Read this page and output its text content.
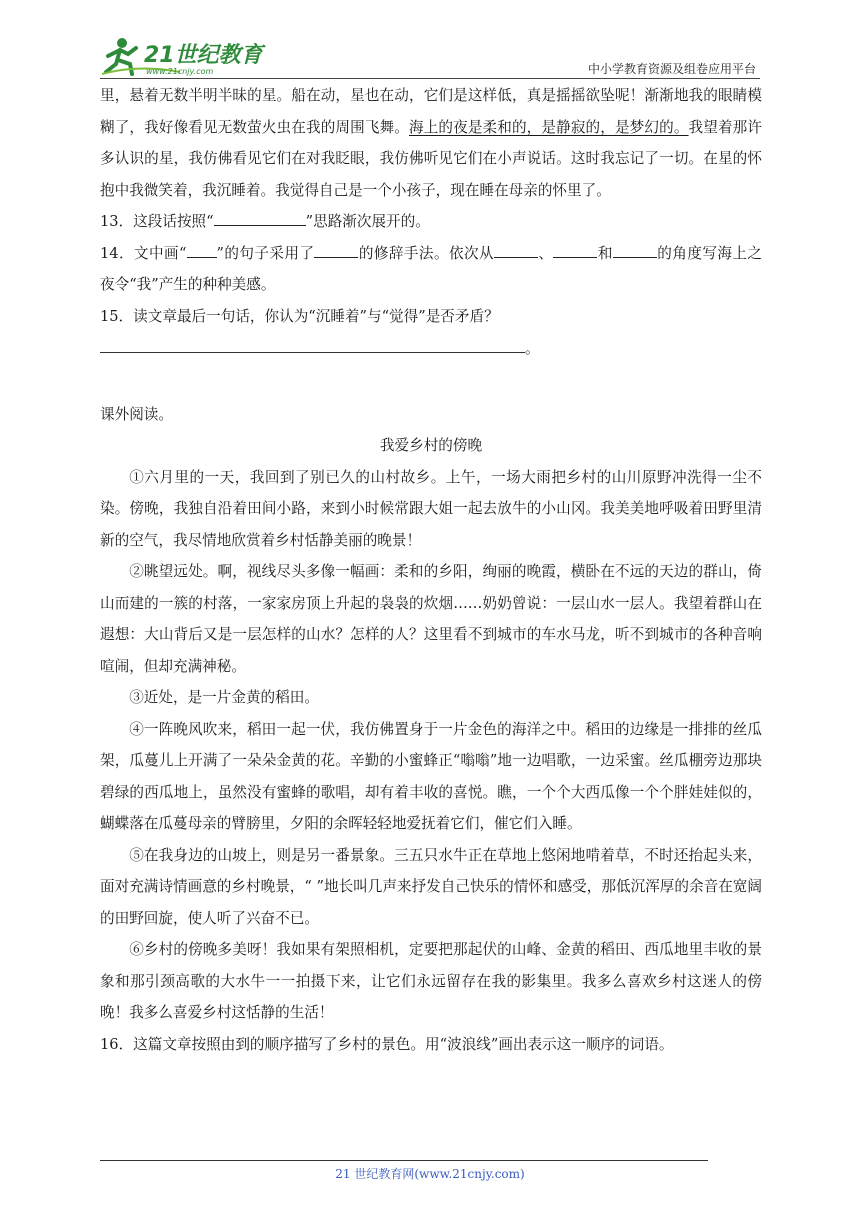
21世纪教育
www.21cnjy.com	中小学教育资源及组卷应用平台

里，悬着无数半明半昧的星。船在动，星也在动，它们是这样低，真是摇摇欲坠呢！渐渐地我的眼睛模糊了，我好像看见无数萤火虫在我的周围飞舞。海上的夜是柔和的，是静寂的，是梦幻的。我望着那许多认识的星，我仿佛看见它们在对我眨眼，我仿佛听见它们在小声说话。这时我忘记了一切。在星的怀抱中我微笑着，我沉睡着。我觉得自己是一个小孩子，现在睡在母亲的怀里了。

13．这段话按照“	”思路渐次展开的。

14．文中画“ ”的句子采用了	的修辞手法。依次从	、	和	的角度写海上之夜令“我”产生的种种美感。

15．读文章最后一句话，你认为“沉睡着”与“觉得”是否矛盾？

。

课外阅读。

我爱乡村的傍晚

①六月里的一天，我回到了别已久的山村故乡。上午，一场大雨把乡村的山川原野冲洗得一尘不染。傍晚，我独自沿着田间小路，来到小时候常跟大姐一起去放牛的小山冈。我美美地呼吸着田野里清新的空气，我尽情地欣赏着乡村恬静美丽的晚景！

②眺望远处。啊，视线尽头多像一幅画：柔和的乡阳，绚丽的晚霞，横卧在不远的天边的群山，倚山而建的一簇的村落，一家家房顶上升起的袅袅的炊烟……奶奶曾说：一层山水一层人。我望着群山在遐想：大山背后又是一层怎样的山水？怎样的人？这里看不到城市的车水马龙，听不到城市的各种音响喧闹，但却充满神秘。

③近处，是一片金黄的稻田。

④一阵晚风吹来，稻田一起一伏，我仿佛置身于一片金色的海洋之中。稻田的边缘是一排排的丝瓜架，瓜蔓儿上开满了一朵朵金黄的花。辛勤的小蜜蜂正“嗡嗡”地一边唱歌，一边采蜜。丝瓜棚旁边那块碧绿的西瓜地上，虽然没有蜜蜂的歌唱，却有着丰收的喜悦。瞧，一个个大西瓜像一个个胖娃娃似的，蝴蝶落在瓜蔓母亲的臂膀里，夕阳的余晖轻轻地爱抚着它们，催它们入睡。

⑤在我身边的山坡上，则是另一番景象。三五只水牛正在草地上悠闲地啃着草，不时还抬起头来，面对充满诗情画意的乡村晚景，“ ”地长叫几声来抒发自己快乐的情怀和感受，那低沉浑厚的余音在宽阔的田野回旋，使人听了兴奋不已。

⑥乡村的傍晚多美呀！我如果有架照相机，定要把那起伏的山峰、金黄的稻田、西瓜地里丰收的景象和那引颈高歌的大水牛一一拍摄下来，让它们永远留存在我的影集里。我多么喜欢乡村这迷人的傍晚！我多么喜爱乡村这恬静的生活！

16．这篇文章按照由到的顺序描写了乡村的景色。用“波浪线”画出表示这一顺序的词语。

21 世纪教育网(www.21cnjy.com)
